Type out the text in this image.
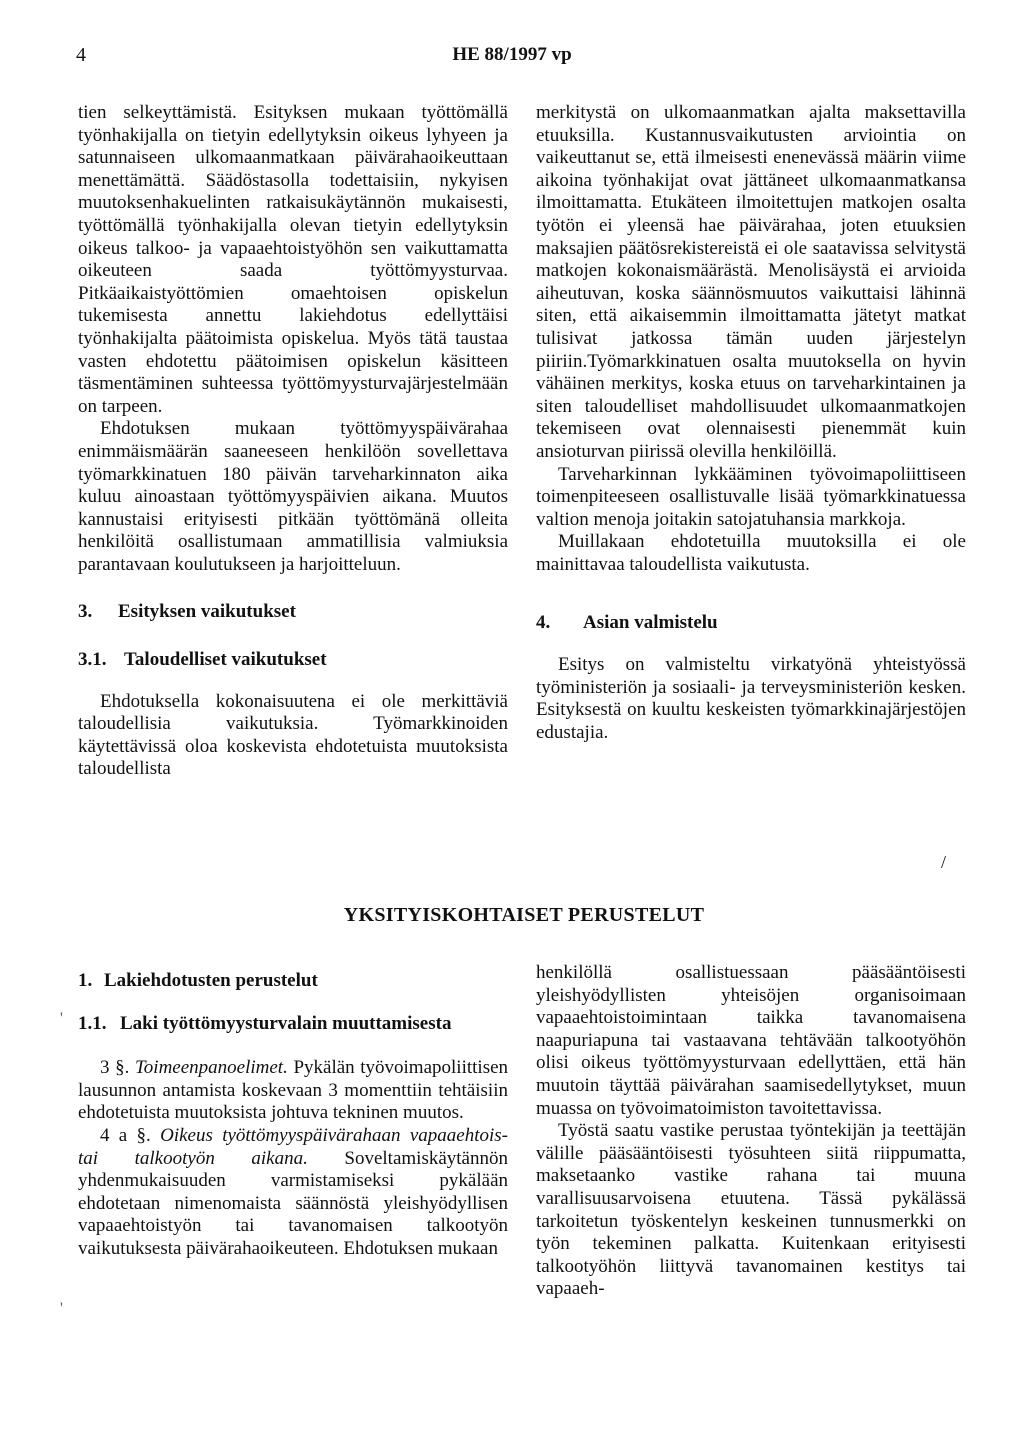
4	HE 88/1997 vp

tien selkeyttämistä. Esityksen mukaan työttömällä työnhakijalla on tietyin edellytyksin oikeus lyhyeen ja satunnaiseen ulkomaanmatkaan päivärahaoikeuttaan menettämättä. Säädöstasolla todettaisiin, nykyisen muutoksenhakuelinten ratkaisukäytännön mukaisesti, työttömällä työnhakijalla olevan tietyin edellytyksin oikeus talkoo- ja vapaaehtoistyöhön sen vaikuttamatta oikeuteen saada työttömyysturvaa. Pitkäaikaistyöttömien omaehtoisen opiskelun tukemisesta annettu lakiehdotus edellyttäisi työnhakijalta päätoimista opiskelua. Myös tätä taustaa vasten ehdotettu päätoimisen opiskelun käsitteen täsmentäminen suhteessa työttömyysturvajärjestelmään on tarpeen.

Ehdotuksen mukaan työttömyyspäivärahaa enimmäismäärän saaneeseen henkilöön sovellettava työmarkkinatuen 180 päivän tarveharkinnaton aika kuluu ainoastaan työttömyyspäivien aikana. Muutos kannustaisi erityisesti pitkään työttömänä olleita henkilöitä osallistumaan ammatillisia valmiuksia parantavaan koulutukseen ja harjoitteluun.

3. Esityksen vaikutukset

3.1. Taloudelliset vaikutukset

Ehdotuksella kokonaisuutena ei ole merkittäviä taloudellisia vaikutuksia. Työmarkkinoiden käytettävissä oloa koskevista ehdotetuista muutoksista taloudellista

merkitystä on ulkomaanmatkan ajalta maksettavilla etuuksilla. Kustannusvaikutusten arviointia on vaikeuttanut se, että ilmeisesti enenevässä määrin viime aikoina työnhakijat ovat jättäneet ulkomaanmatkansa ilmoittamatta. Etukäteen ilmoitettujen matkojen osalta työtön ei yleensä hae päivärahaa, joten etuuksien maksajien päätösrekistereistä ei ole saatavissa selvitystä matkojen kokonaismäärästä. Menolisäystä ei arvioida aiheutuvan, koska säännösmuutos vaikuttaisi lähinnä siten, että aikaisemmin ilmoittamatta jätetyt matkat tulisivat jatkossa tämän uuden järjestelyn piiriin.Työmarkkinatuen osalta muutoksella on hyvin vähäinen merkitys, koska etuus on tarveharkintainen ja siten taloudelliset mahdollisuudet ulkomaanmatkojen tekemiseen ovat olennaisesti pienemmät kuin ansioturvan piirissä olevilla henkilöillä.

Tarveharkinnan lykkääminen työvoimapoliittiseen toimenpiteeseen osallistuvalle lisää työmarkkinatuessa valtion menoja joitakin satojatuhansia markkoja.

Muillakaan ehdotetuilla muutoksilla ei ole mainittavaa taloudellista vaikutusta.

4. Asian valmistelu

Esitys on valmisteltu virkatyönä yhteistyössä työministeriön ja sosiaali- ja terveysministeriön kesken. Esityksestä on kuultu keskeisten työmarkkinajärjestöjen edustajia.

/
YKSITYISKOHTAISET PERUSTELUT

1. Lakiehdotusten perustelut

1.1. Laki työttömyysturvalain muuttamisesta

3 §. Toimeenpanoelimet. Pykälän työvoimapoliittisen lausunnon antamista koskevaan 3 momenttiin tehtäisiin ehdotetuista muutoksista johtuva tekninen muutos.

4 a §. Oikeus työttömyyspäivärahaan vapaaehtois- tai talkootyön aikana. Soveltamiskäytännön yhdenmukaisuuden varmistamiseksi pykälään ehdotetaan nimenomaista säännöstä yleishyödyllisen vapaaehtoistyön tai tavanomaisen talkootyön vaikutuksesta päivärahaoikeuteen. Ehdotuksen mukaan

henkilöllä osallistuessaan pääsääntöisesti yleishyödyllisten yhteisöjen organisoimaan vapaaehtoistoimintaan taikka tavanomaisena naapuriapuna tai vastaavana tehtävään talkootyöhön olisi oikeus työttömyysturvaan edellyttäen, että hän muutoin täyttää päivärahan saamisedellytykset, muun muassa on työvoimatoimiston tavoitettavissa.

Työstä saatu vastike perustaa työntekijän ja teettäjän välille pääsääntöisesti työsuhteen siitä riippumatta, maksetaanko vastike rahana tai muuna varallisuusarvoisena etuutena. Tässä pykälässä tarkoitetun työskentelyn keskeinen tunnusmerkki on työn tekeminen palkatta. Kuitenkaan erityisesti talkootyöhön liittyvä tavanomainen kestitys tai vapaaeh-

'
'
